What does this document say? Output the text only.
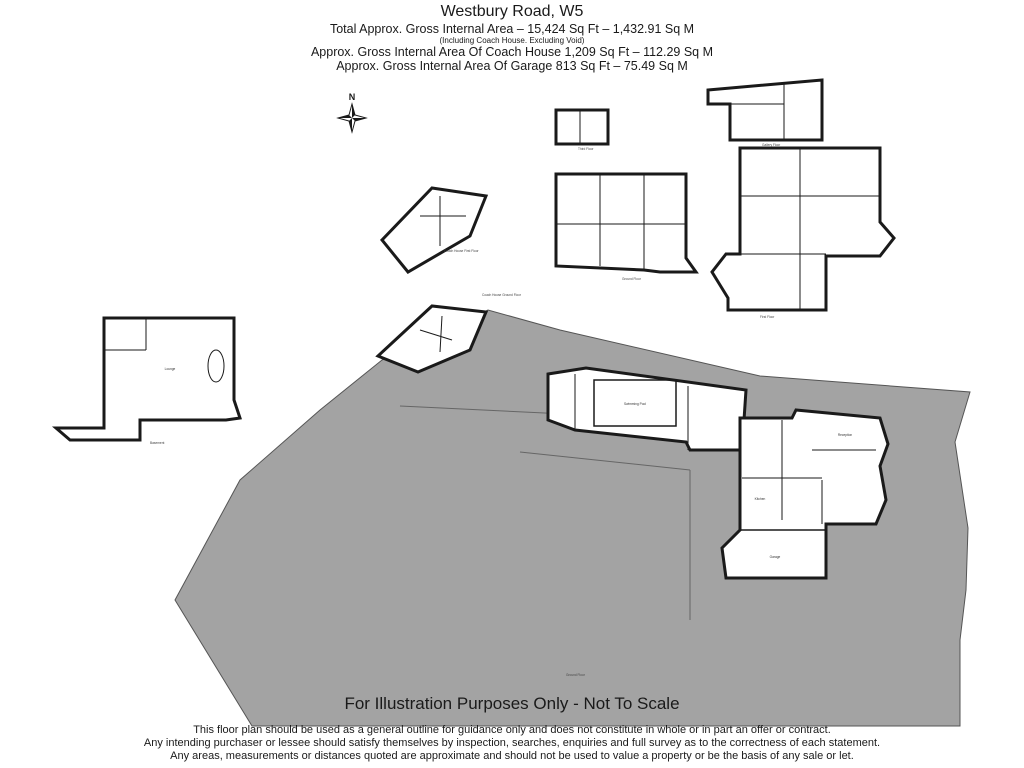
Westbury Road, W5
Total Approx. Gross Internal Area – 15,424 Sq Ft – 1,432.91 Sq M
(Including Coach House. Excluding Void)
Approx. Gross Internal Area Of Coach House 1,209 Sq Ft – 112.29 Sq M
Approx. Gross Internal Area Of Garage 813 Sq Ft – 75.49 Sq M
Coach House Ground Floor
Swimming Pool
Garage
Kitchen
Reception
Ground Floor
Lounge
Basement
Coach House First Floor
Third Floor
Ground Floor
Gallery Floor
First Floor
N
For Illustration Purposes Only - Not To Scale
This floor plan should be used as a general outline for guidance only and does not constitute in whole or in part an offer or contract.
Any intending purchaser or lessee should satisfy themselves by inspection, searches, enquiries and full survey as to the correctness of each statement.
Any areas, measurements or distances quoted are approximate and should not be used to value a property or be the basis of any sale or let.
